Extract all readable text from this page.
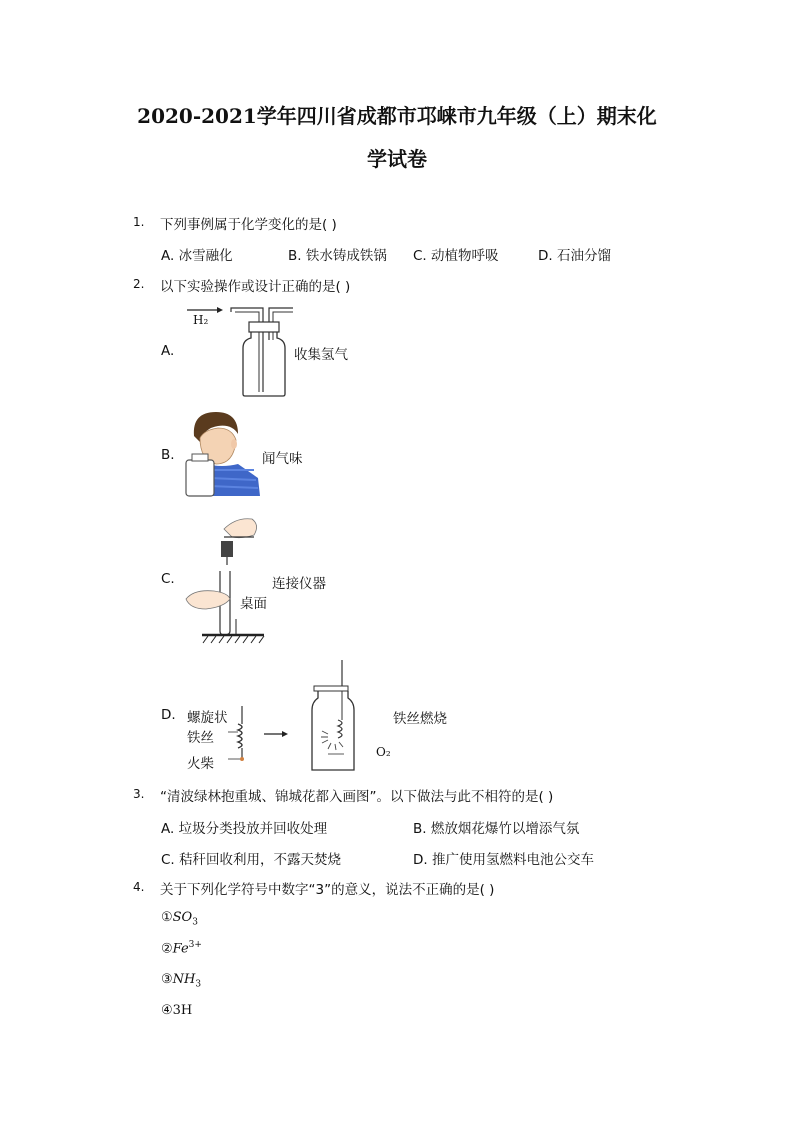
2020-2021学年四川省成都市邛崃市九年级（上）期末化
学试卷
1. 下列事例属于化学变化的是( )
A. 冰雪融化	B. 铁水铸成铁锅 C. 动植物呼吸	D. 石油分馏
2. 以下实验操作或设计正确的是( )
A.
H₂
收集氢气
B.	闻气味
C.
桌面
连接仪器
D. 螺旋状
铁丝
火柴
O₂
铁丝燃烧
3. “清波绿林抱重城、锦城花都入画图”。以下做法与此不相符的是( )
A. 垃圾分类投放并回收处理	B. 燃放烟花爆竹以增添气氛
C. 秸秆回收利用，不露天焚烧	D. 推广使用氢燃料电池公交车
4. 关于下列化学符号中数字“3”的意义，说法不正确的是( )
$①SO_3$
$②Fe^{3+}$
$③NH_3$
④3H
